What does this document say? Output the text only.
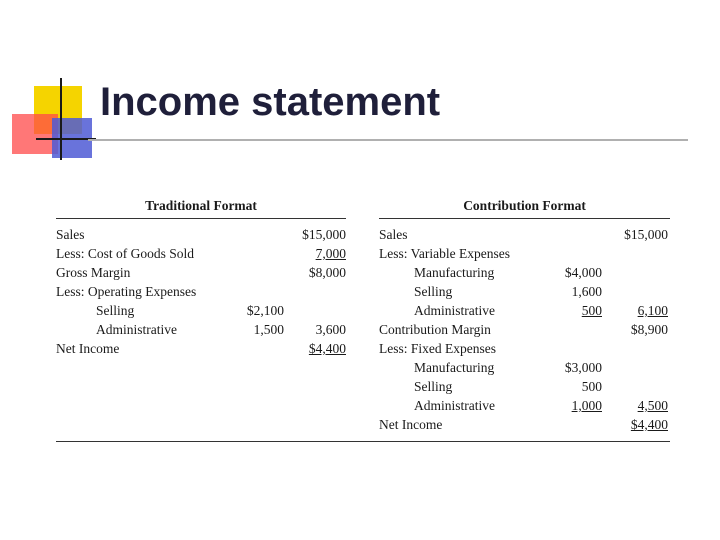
Income statement
Traditional Format
Sales	$15,000
Less: Cost of Goods Sold	7,000
Gross Margin	$8,000
Less: Operating Expenses
Selling	$2,100
Administrative	1,500 3,600
Net Income	$4,400
Contribution Format
Sales	$15,000
Less: Variable Expenses
Manufacturing	$4,000
Selling	1,600
Administrative	500	6,100
Contribution Margin	$8,900
Less: Fixed Expenses
Manufacturing	$3,000
Selling	500
Administrative	1,000	4,500
Net Income	$4,400
